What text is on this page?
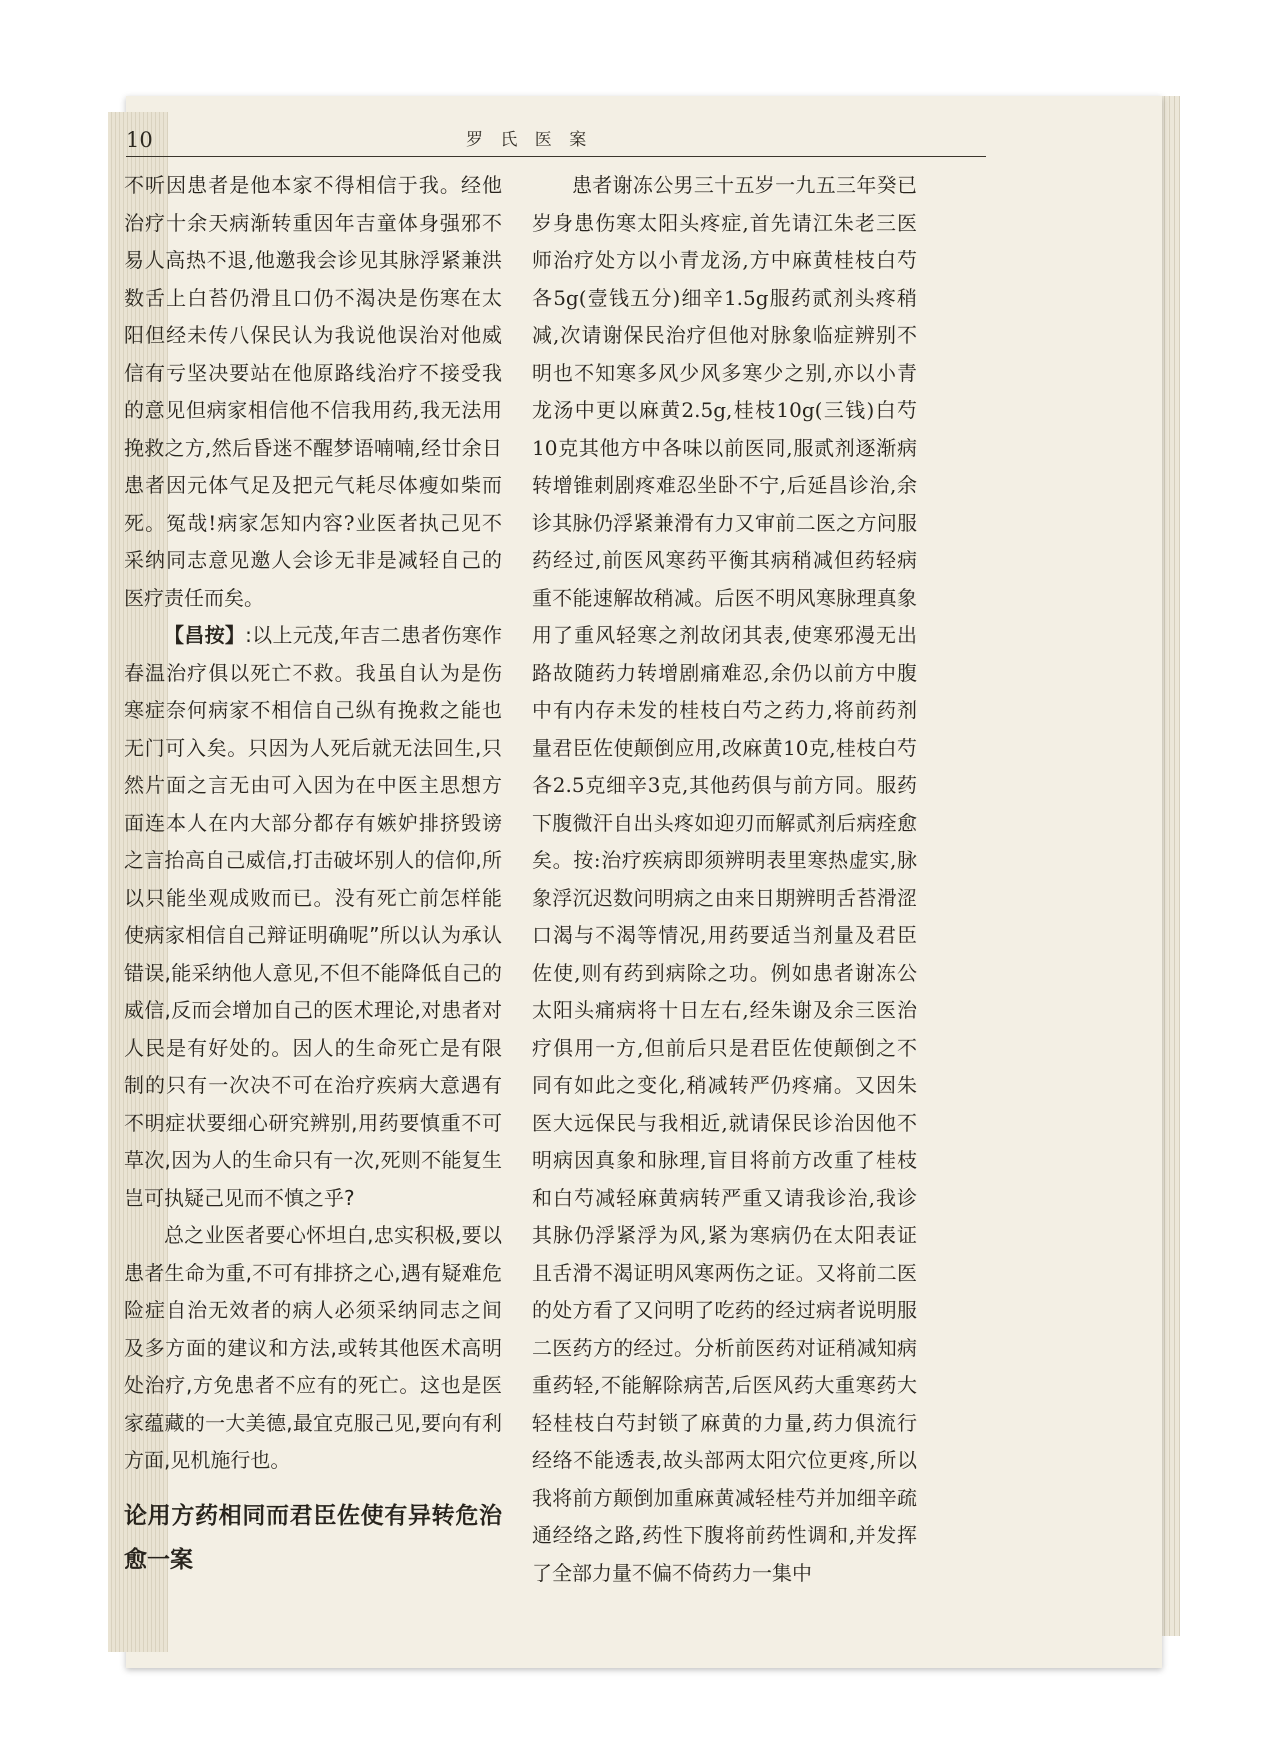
10	罗 氏 医 案

不听因患者是他本家不得相信于我。经他治疗十余天病渐转重因年吉童体身强邪不易人高热不退,他邀我会诊见其脉浮紧兼洪数舌上白苔仍滑且口仍不渴决是伤寒在太阳但经未传八保民认为我说他误治对他威信有亏坚决要站在他原路线治疗不接受我的意见但病家相信他不信我用药,我无法用挽救之方,然后昏迷不醒梦语喃喃,经廿余日患者因元体气足及把元气耗尽体瘦如柴而死。冤哉!病家怎知内容?业医者执己见不采纳同志意见邀人会诊无非是减轻自己的医疗责任而矣。

【昌按】:以上元茂,年吉二患者伤寒作春温治疗俱以死亡不救。我虽自认为是伤寒症奈何病家不相信自己纵有挽救之能也无门可入矣。只因为人死后就无法回生,只然片面之言无由可入因为在中医主思想方面连本人在内大部分都存有嫉妒排挤毁谤之言抬高自己威信,打击破坏别人的信仰,所以只能坐观成败而已。没有死亡前怎样能使病家相信自己辩证明确呢”所以认为承认错误,能采纳他人意见,不但不能降低自己的威信,反而会增加自己的医术理论,对患者对人民是有好处的。因人的生命死亡是有限制的只有一次决不可在治疗疾病大意遇有不明症状要细心研究辨别,用药要慎重不可草次,因为人的生命只有一次,死则不能复生岂可执疑己见而不慎之乎?

总之业医者要心怀坦白,忠实积极,要以患者生命为重,不可有排挤之心,遇有疑难危险症自治无效者的病人必须采纳同志之间及多方面的建议和方法,或转其他医术高明处治疗,方免患者不应有的死亡。这也是医家蕴藏的一大美德,最宜克服己见,要向有利方面,见机施行也。

论用方药相同而君臣佐使有异转危治愈一案

患者谢冻公男三十五岁一九五三年癸已岁身患伤寒太阳头疼症,首先请江朱老三医师治疗处方以小青龙汤,方中麻黄桂枝白芍各5g(壹钱五分)细辛1.5g服药贰剂头疼稍减,次请谢保民治疗但他对脉象临症辨别不明也不知寒多风少风多寒少之别,亦以小青龙汤中更以麻黄2.5g,桂枝10g(三钱)白芍10克其他方中各味以前医同,服贰剂逐渐病转增锥刺剧疼难忍坐卧不宁,后延昌诊治,余诊其脉仍浮紧兼滑有力又审前二医之方问服药经过,前医风寒药平衡其病稍减但药轻病重不能速解故稍减。后医不明风寒脉理真象用了重风轻寒之剂故闭其表,使寒邪漫无出路故随药力转增剧痛难忍,余仍以前方中腹中有内存未发的桂枝白芍之药力,将前药剂量君臣佐使颠倒应用,改麻黄10克,桂枝白芍各2.5克细辛3克,其他药俱与前方同。服药下腹微汗自出头疼如迎刃而解贰剂后病痊愈矣。按:治疗疾病即须辨明表里寒热虚实,脉象浮沉迟数问明病之由来日期辨明舌苔滑涩口渴与不渴等情况,用药要适当剂量及君臣佐使,则有药到病除之功。例如患者谢冻公太阳头痛病将十日左右,经朱谢及余三医治疗俱用一方,但前后只是君臣佐使颠倒之不同有如此之变化,稍减转严仍疼痛。又因朱医大远保民与我相近,就请保民诊治因他不明病因真象和脉理,盲目将前方改重了桂枝和白芍减轻麻黄病转严重又请我诊治,我诊其脉仍浮紧浮为风,紧为寒病仍在太阳表证且舌滑不渴证明风寒两伤之证。又将前二医的处方看了又问明了吃药的经过病者说明服二医药方的经过。分析前医药对证稍减知病重药轻,不能解除病苦,后医风药大重寒药大轻桂枝白芍封锁了麻黄的力量,药力俱流行经络不能透表,故头部两太阳穴位更疼,所以我将前方颠倒加重麻黄减轻桂芍并加细辛疏通经络之路,药性下腹将前药性调和,并发挥了全部力量不偏不倚药力一集中
